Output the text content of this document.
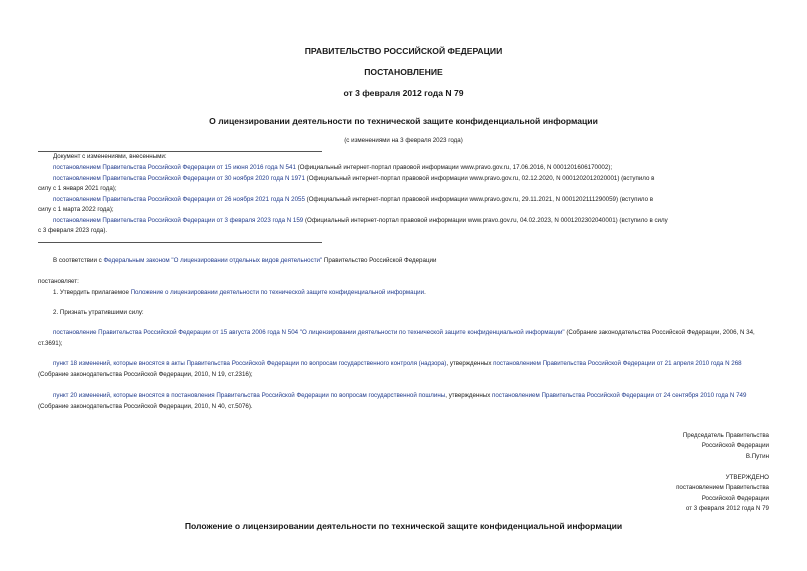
ПРАВИТЕЛЬСТВО РОССИЙСКОЙ ФЕДЕРАЦИИ
ПОСТАНОВЛЕНИЕ
от 3 февраля 2012 года N 79
О лицензировании деятельности по технической защите конфиденциальной информации
(с изменениями на 3 февраля 2023 года)
Документ с изменениями, внесенными:
постановлением Правительства Российской Федерации от 15 июня 2016 года N 541 (Официальный интернет-портал правовой информации www.pravo.gov.ru, 17.06.2016, N 0001201606170002);
постановлением Правительства Российской Федерации от 30 ноября 2020 года N 1971 (Официальный интернет-портал правовой информации www.pravo.gov.ru, 02.12.2020, N 0001202012020001) (вступило в
силу с 1 января 2021 года);
постановлением Правительства Российской Федерации от 26 ноября 2021 года N 2055 (Официальный интернет-портал правовой информации www.pravo.gov.ru, 29.11.2021, N 0001202111290059) (вступило в
силу с 1 марта 2022 года);
постановлением Правительства Российской Федерации от 3 февраля 2023 года N 159 (Официальный интернет-портал правовой информации www.pravo.gov.ru, 04.02.2023, N 0001202302040001) (вступило в силу
с 3 февраля 2023 года).
В соответствии с Федеральным законом "О лицензировании отдельных видов деятельности" Правительство Российской Федерации
постановляет:
1. Утвердить прилагаемое Положение о лицензировании деятельности по технической защите конфиденциальной информации.
2. Признать утратившими силу:
постановление Правительства Российской Федерации от 15 августа 2006 года N 504 "О лицензировании деятельности по технической защите конфиденциальной информации" (Собрание законодательства Российской Федерации, 2006, N 34, ст.3691);
пункт 18 изменений, которые вносятся в акты Правительства Российской Федерации по вопросам государственного контроля (надзора), утвержденных постановлением Правительства Российской Федерации от 21 апреля 2010 года N 268 (Собрание законодательства Российской Федерации, 2010, N 19, ст.2316);
пункт 20 изменений, которые вносятся в постановления Правительства Российской Федерации по вопросам государственной пошлины, утвержденных постановлением Правительства Российской Федерации от 24 сентября 2010 года N 749 (Собрание законодательства Российской Федерации, 2010, N 40, ст.5076).
Председатель Правительства
Российской Федерации
В.Путин
УТВЕРЖДЕНО
постановлением Правительства
Российской Федерации
от 3 февраля 2012 года N 79
Положение о лицензировании деятельности по технической защите конфиденциальной информации
